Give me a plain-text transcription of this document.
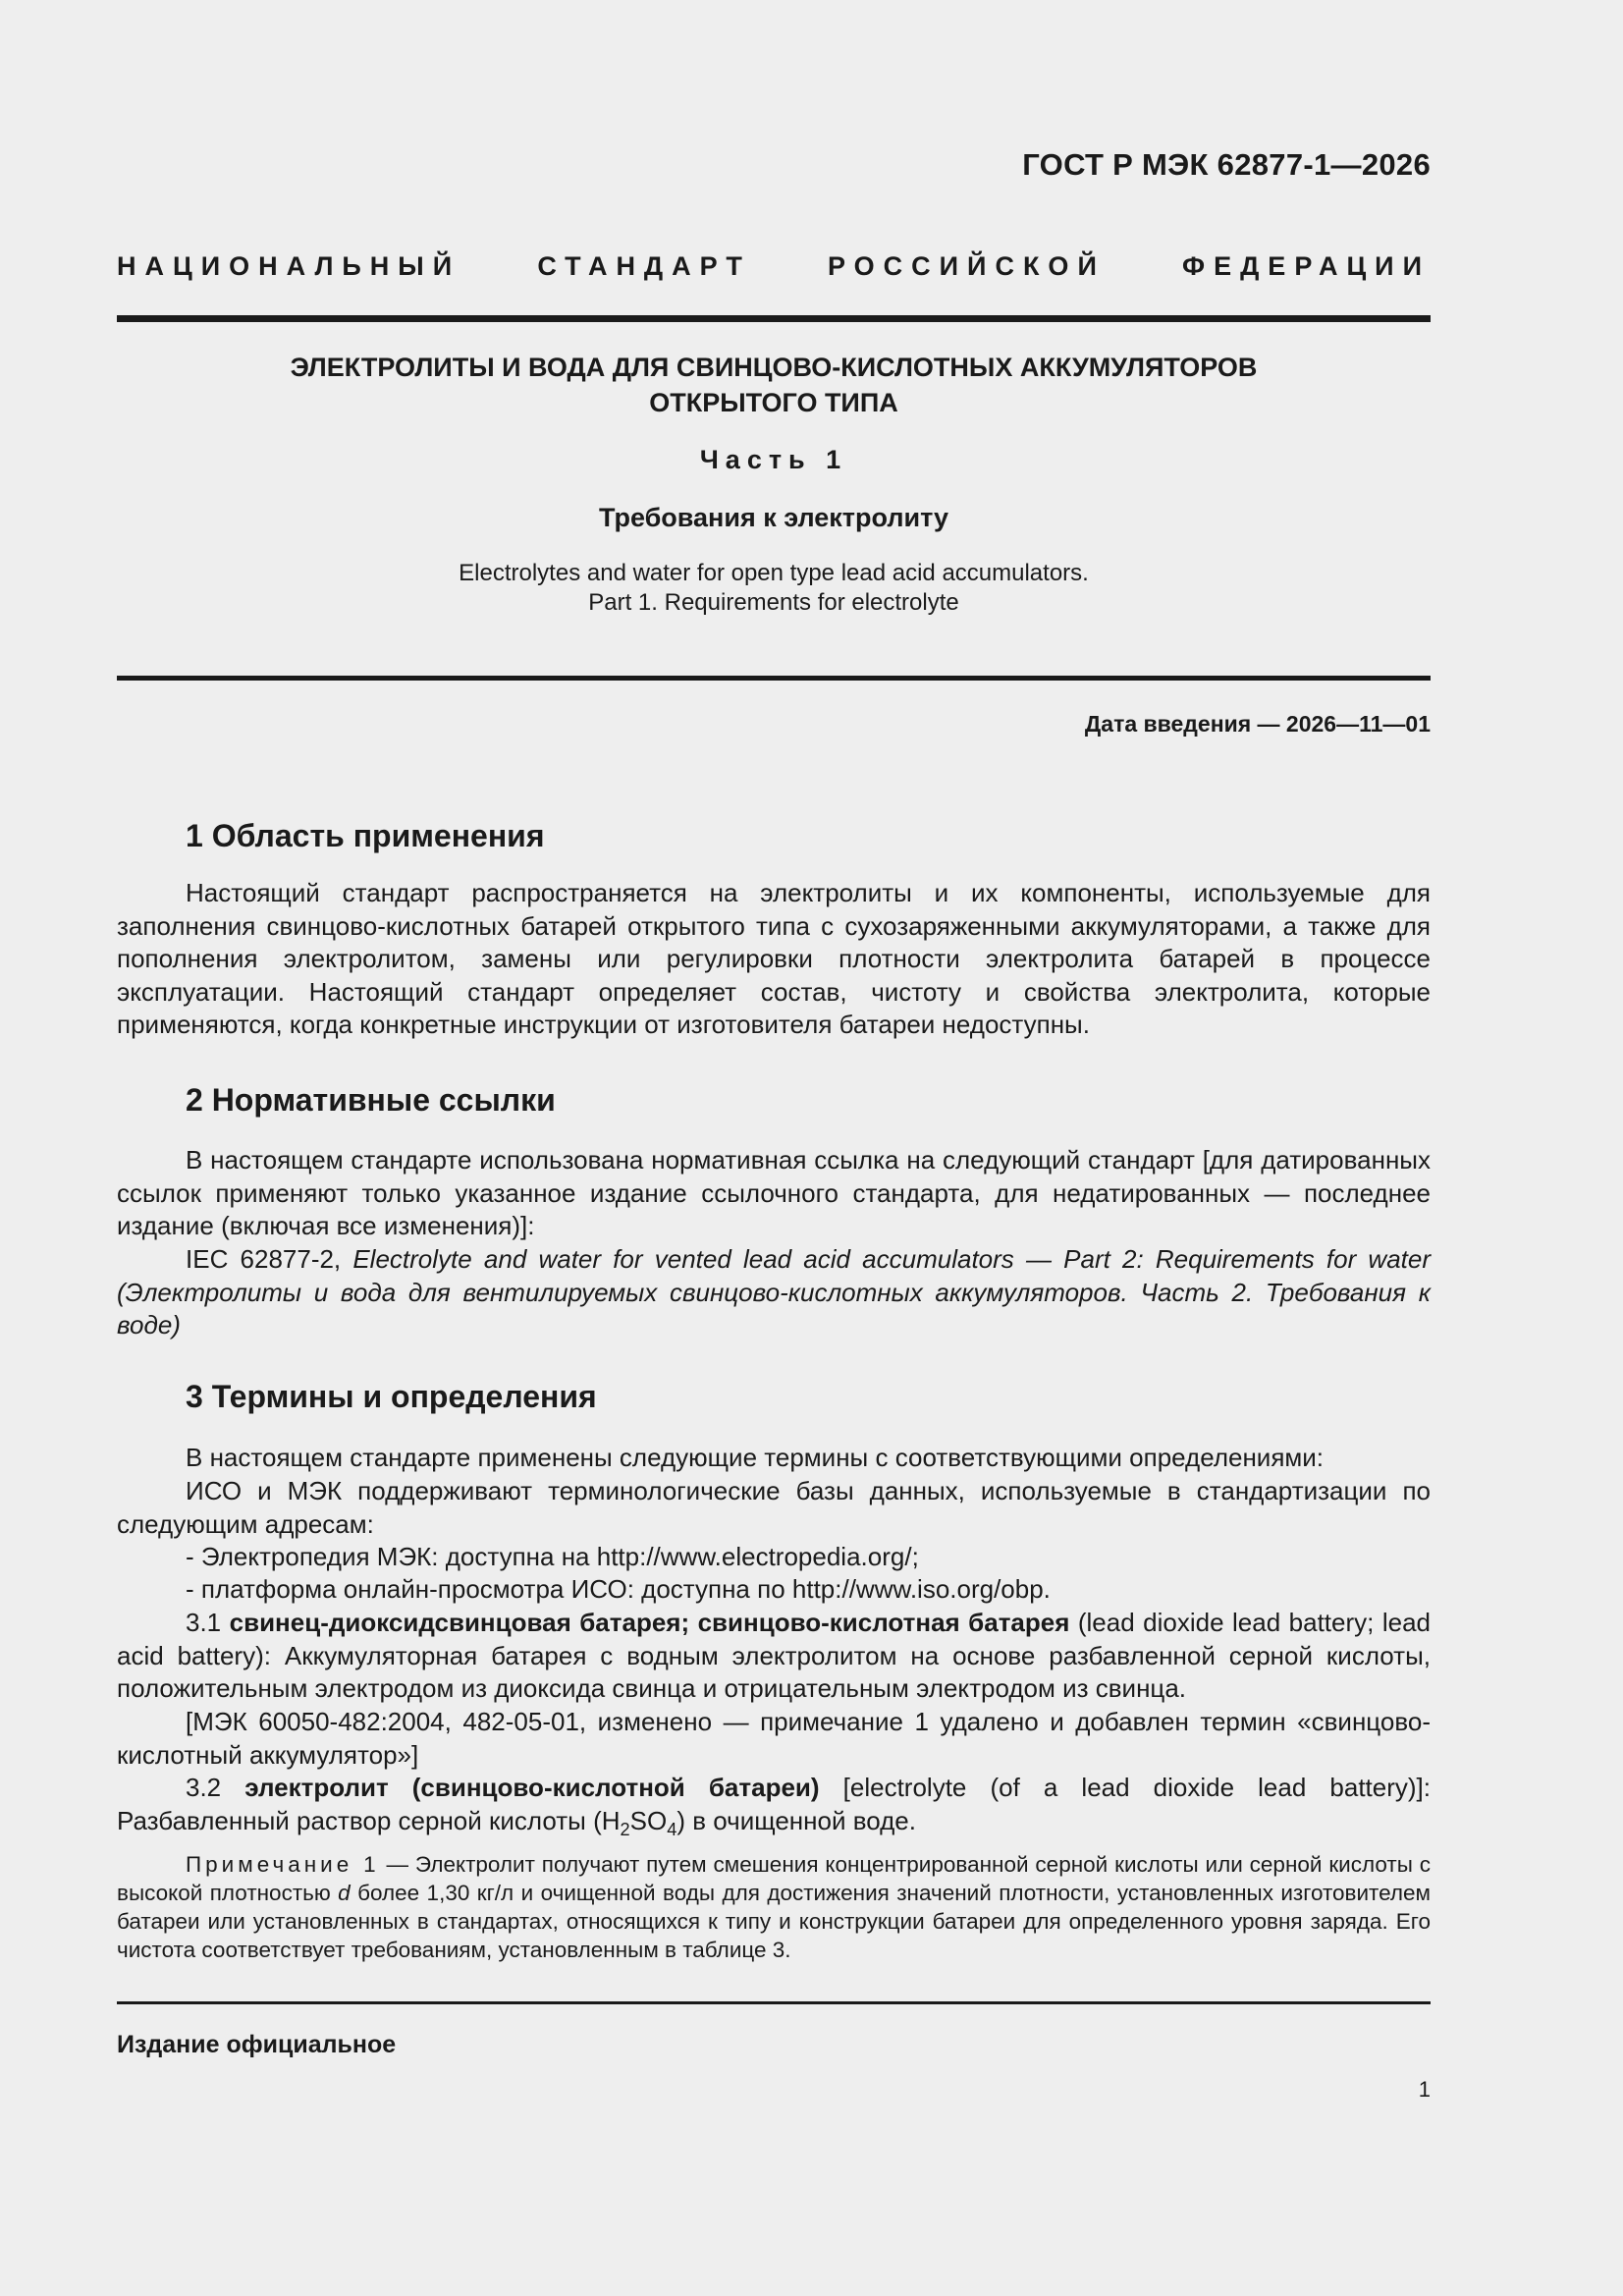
ГОСТ Р МЭК 62877-1—2026
НАЦИОНАЛЬНЫЙ СТАНДАРТ РОССИЙСКОЙ ФЕДЕРАЦИИ

ЭЛЕКТРОЛИТЫ И ВОДА ДЛЯ СВИНЦОВО-КИСЛОТНЫХ АККУМУЛЯТОРОВ

ОТКРЫТОГО ТИПА

Часть 1
Требования к электролиту
Electrolytes and water for open type lead acid accumulators.
Part 1. Requirements for electrolyte
Дата введения — 2026—11—01
1 Область применения
Настоящий стандарт распространяется на электролиты и их компоненты, используемые для заполнения свинцово-кислотных батарей открытого типа с сухозаряженными аккумуляторами, а также для пополнения электролитом, замены или регулировки плотности электролита батарей в процессе эксплуатации. Настоящий стандарт определяет состав, чистоту и свойства электролита, которые применяются, когда конкретные инструкции от изготовителя батареи недоступны.
2 Нормативные ссылки
В настоящем стандарте использована нормативная ссылка на следующий стандарт [для датированных ссылок применяют только указанное издание ссылочного стандарта, для недатированных — последнее издание (включая все изменения)]:
IEC 62877-2, Electrolyte and water for vented lead acid accumulators — Part 2: Requirements for water (Электролиты и вода для вентилируемых свинцово-кислотных аккумуляторов. Часть 2. Требования к воде)
3 Термины и определения
В настоящем стандарте применены следующие термины с соответствующими определениями:
ИСО и МЭК поддерживают терминологические базы данных, используемые в стандартизации по следующим адресам:
- Электропедия МЭК: доступна на http://www.electropedia.org/;
- платформа онлайн-просмотра ИСО: доступна по http://www.iso.org/obp.
3.1 свинец-диоксидсвинцовая батарея; свинцово-кислотная батарея (lead dioxide lead battery; lead acid battery): Аккумуляторная батарея с водным электролитом на основе разбавленной серной кислоты, положительным электродом из диоксида свинца и отрицательным электродом из свинца.
[МЭК 60050-482:2004, 482-05-01, изменено — примечание 1 удалено и добавлен термин «свинцово-кислотный аккумулятор»]
3.2 электролит (свинцово-кислотной батареи) [electrolyte (of a lead dioxide lead battery)]: Разбавленный раствор серной кислоты $(H_2SO_4)$ в очищенной воде.
Примечание 1 — Электролит получают путем смешения концентрированной серной кислоты или серной кислоты с высокой плотностью d более 1,30 кг/л и очищенной воды для достижения значений плотности, установленных изготовителем батареи или установленных в стандартах, относящихся к типу и конструкции батареи для определенного уровня заряда. Его чистота соответствует требованиям, установленным в таблице 3.
Издание официальное
1
